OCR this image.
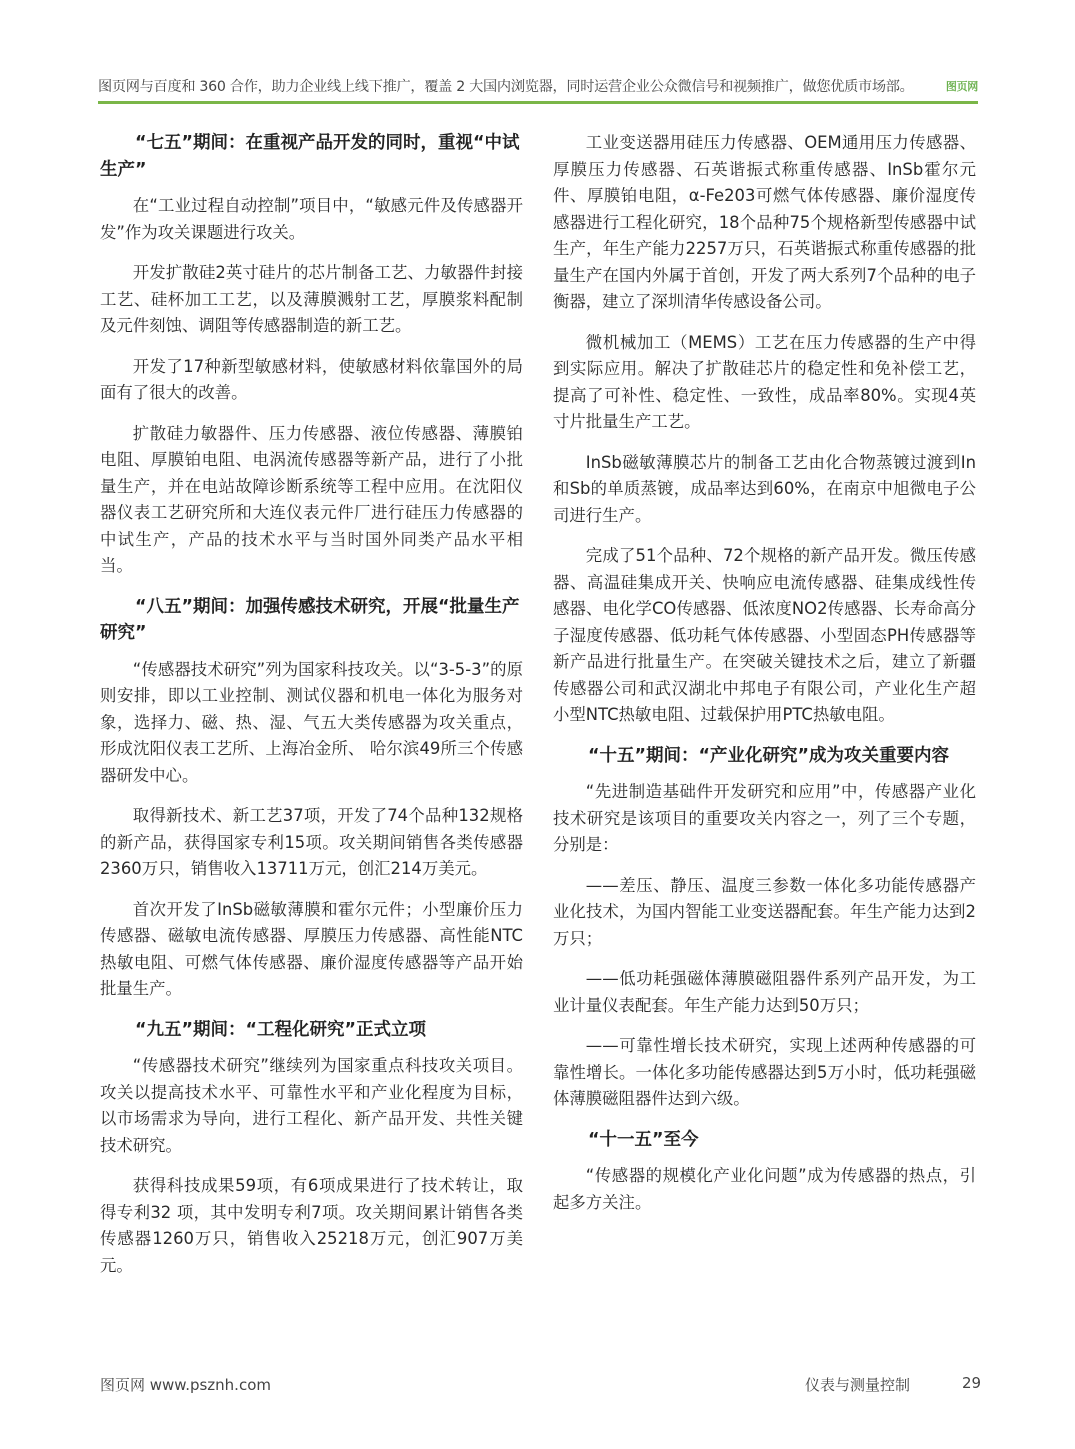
图页网与百度和 360 合作，助力企业线上线下推广，覆盖 2 大国内浏览器，同时运营企业公众微信号和视频推广，做您优质市场部。	图页网
“七五”期间：在重视产品开发的同时，重视“中试生产”

在“工业过程自动控制”项目中，“敏感元件及传感器开发”作为攻关课题进行攻关。

开发扩散硅2英寸硅片的芯片制备工艺、力敏器件封接工艺、硅杯加工工艺，以及薄膜溅射工艺，厚膜浆料配制及元件刻蚀、调阻等传感器制造的新工艺。

开发了17种新型敏感材料，使敏感材料依靠国外的局面有了很大的改善。

扩散硅力敏器件、压力传感器、液位传感器、薄膜铂电阻、厚膜铂电阻、电涡流传感器等新产品，进行了小批量生产，并在电站故障诊断系统等工程中应用。在沈阳仪器仪表工艺研究所和大连仪表元件厂进行硅压力传感器的中试生产，产品的技术水平与当时国外同类产品水平相当。

“八五”期间：加强传感技术研究，开展“批量生产研究”

“传感器技术研究”列为国家科技攻关。以“3-5-3”的原则安排，即以工业控制、测试仪器和机电一体化为服务对象，选择力、磁、热、湿、气五大类传感器为攻关重点，形成沈阳仪表工艺所、上海冶金所、 哈尔滨49所三个传感器研发中心。

取得新技术、新工艺37项，开发了74个品种132规格的新产品，获得国家专利15项。攻关期间销售各类传感器2360万只，销售收入13711万元，创汇214万美元。

首次开发了InSb磁敏薄膜和霍尔元件；小型廉价压力传感器、磁敏电流传感器、厚膜压力传感器、高性能NTC热敏电阻、可燃气体传感器、廉价湿度传感器等产品开始批量生产。

“九五”期间：“工程化研究”正式立项

“传感器技术研究”继续列为国家重点科技攻关项目。攻关以提高技术水平、可靠性水平和产业化程度为目标，以市场需求为导向，进行工程化、新产品开发、共性关键技术研究。

获得科技成果59项，有6项成果进行了技术转让，取得专利32 项，其中发明专利7项。攻关期间累计销售各类传感器1260万只，销售收入25218万元，创汇907万美元。

工业变送器用硅压力传感器、OEM通用压力传感器、厚膜压力传感器、石英谐振式称重传感器、InSb霍尔元件、厚膜铂电阻，α-Fe203可燃气体传感器、廉价湿度传感器进行工程化研究，18个品种75个规格新型传感器中试生产，年生产能力2257万只，石英谐振式称重传感器的批量生产在国内外属于首创，开发了两大系列7个品种的电子衡器，建立了深圳清华传感设备公司。

微机械加工（MEMS）工艺在压力传感器的生产中得到实际应用。解决了扩散硅芯片的稳定性和免补偿工艺，提高了可补性、稳定性、一致性，成品率80%。实现4英寸片批量生产工艺。

InSb磁敏薄膜芯片的制备工艺由化合物蒸镀过渡到In和Sb的单质蒸镀，成品率达到60%，在南京中旭微电子公司进行生产。

完成了51个品种、72个规格的新产品开发。微压传感器、高温硅集成开关、快响应电流传感器、硅集成线性传感器、电化学CO传感器、低浓度NO2传感器、长寿命高分子湿度传感器、低功耗气体传感器、小型固态PH传感器等新产品进行批量生产。在突破关键技术之后，建立了新疆传感器公司和武汉湖北中邦电子有限公司，产业化生产超小型NTC热敏电阻、过载保护用PTC热敏电阻。

“十五”期间：“产业化研究”成为攻关重要内容

“先进制造基础件开发研究和应用”中，传感器产业化技术研究是该项目的重要攻关内容之一，列了三个专题，分别是：

——差压、静压、温度三参数一体化多功能传感器产业化技术，为国内智能工业变送器配套。年生产能力达到2万只；

——低功耗强磁体薄膜磁阻器件系列产品开发，为工业计量仪表配套。年生产能力达到50万只；

——可靠性增长技术研究，实现上述两种传感器的可靠性增长。一体化多功能传感器达到5万小时，低功耗强磁体薄膜磁阻器件达到六级。

“十一五”至今

“传感器的规模化产业化问题”成为传感器的热点，引起多方关注。

图页网 www.psznh.com	仪表与测量控制	29
